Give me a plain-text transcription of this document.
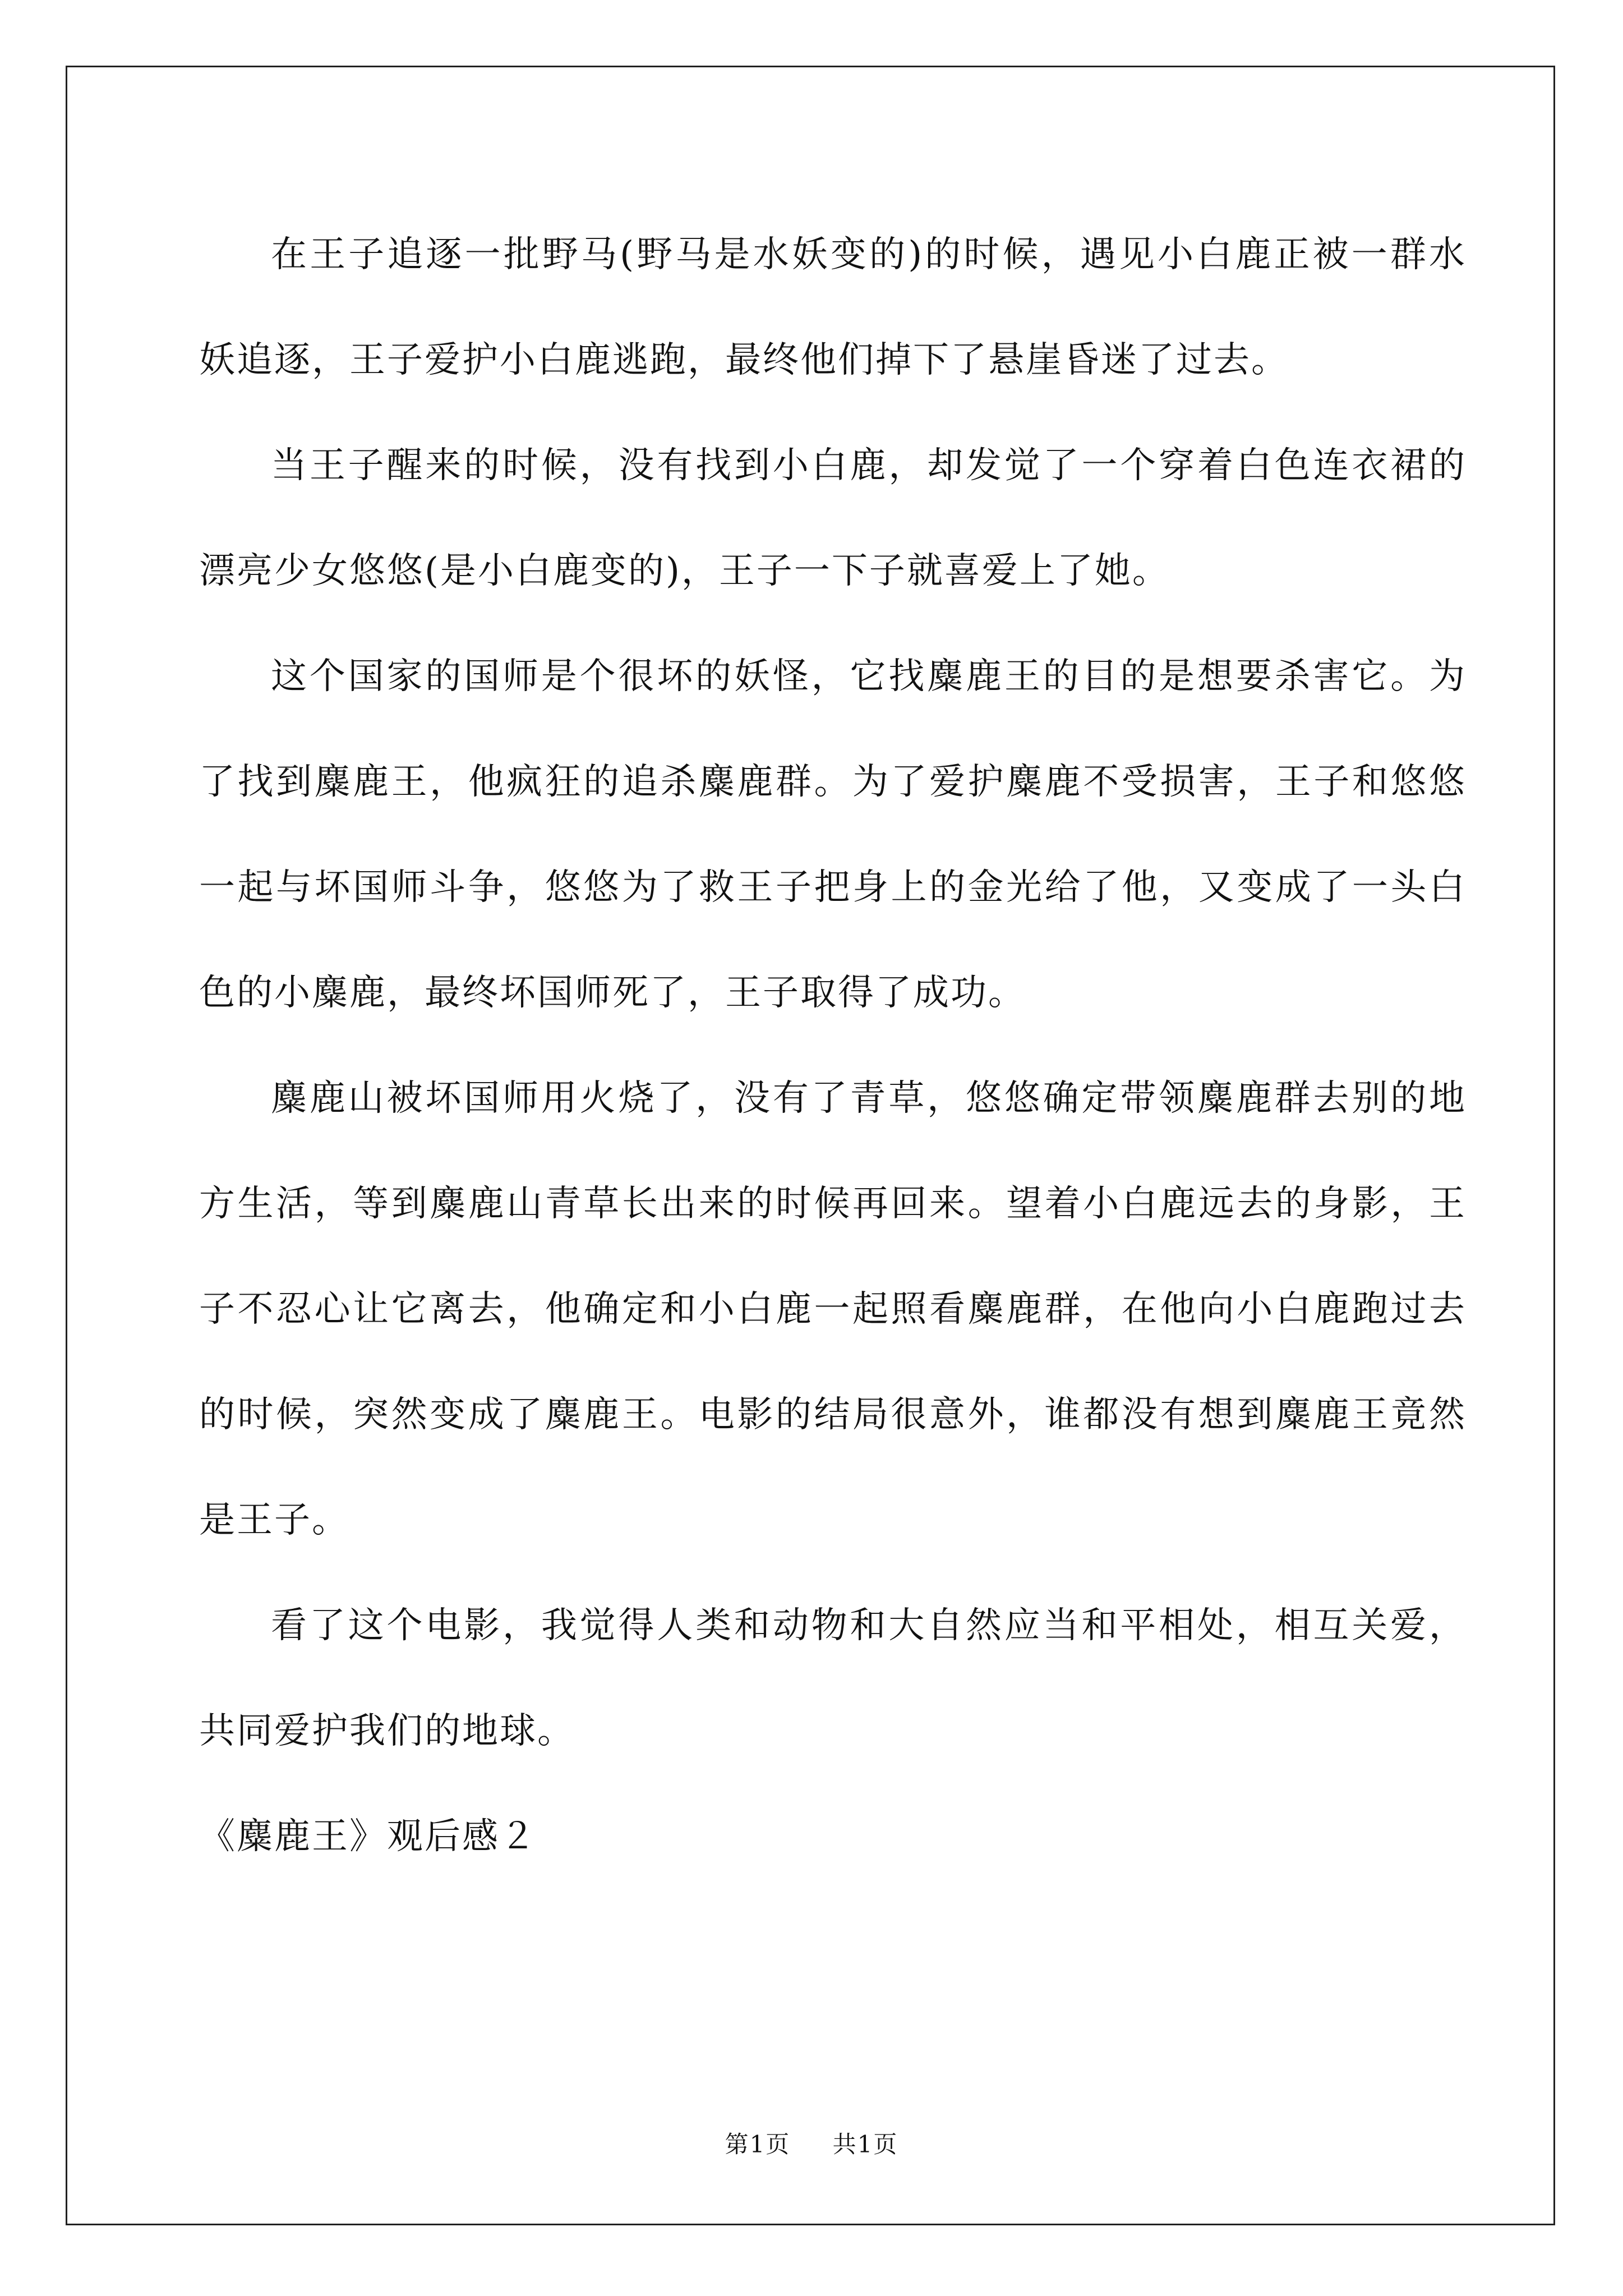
在王子追逐一批野马(野马是水妖变的)的时候，遇见小白鹿正被一群水妖追逐，王子爱护小白鹿逃跑，最终他们掉下了悬崖昏迷了过去。

当王子醒来的时候，没有找到小白鹿，却发觉了一个穿着白色连衣裙的漂亮少女悠悠(是小白鹿变的)，王子一下子就喜爱上了她。

这个国家的国师是个很坏的妖怪，它找麋鹿王的目的是想要杀害它。为了找到麋鹿王，他疯狂的追杀麋鹿群。为了爱护麋鹿不受损害，王子和悠悠一起与坏国师斗争，悠悠为了救王子把身上的金光给了他，又变成了一头白色的小麋鹿，最终坏国师死了，王子取得了成功。

麋鹿山被坏国师用火烧了，没有了青草，悠悠确定带领麋鹿群去别的地方生活，等到麋鹿山青草长出来的时候再回来。望着小白鹿远去的身影，王子不忍心让它离去，他确定和小白鹿一起照看麋鹿群，在他向小白鹿跑过去的时候，突然变成了麋鹿王。电影的结局很意外，谁都没有想到麋鹿王竟然是王子。

看了这个电影，我觉得人类和动物和大自然应当和平相处，相互关爱，共同爱护我们的地球。

《麋鹿王》观后感２

第1页 共1页
